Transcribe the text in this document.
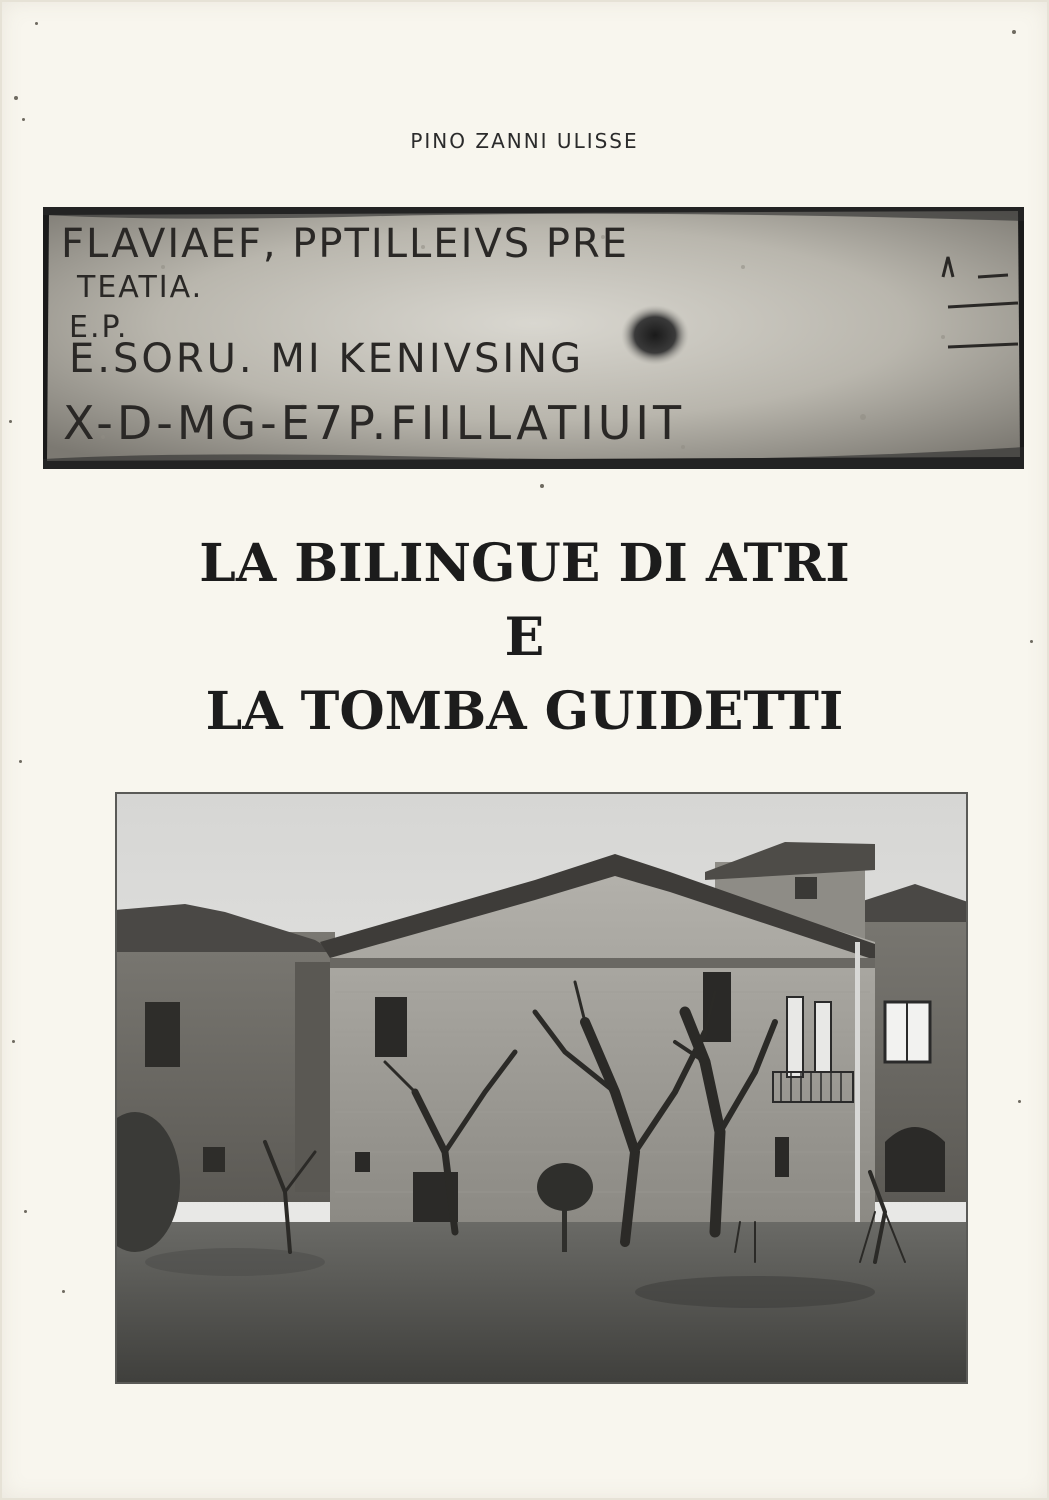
PINO ZANNI ULISSE
FLAVIAEF, PPTILLEIVS PRE
TEATIA.
E.P.
E.SORU. MI KENIVSING
X-D-MG-E7P.FIILLATIUIT
LA BILINGUE DI ATRI
E
LA TOMBA GUIDETTI
